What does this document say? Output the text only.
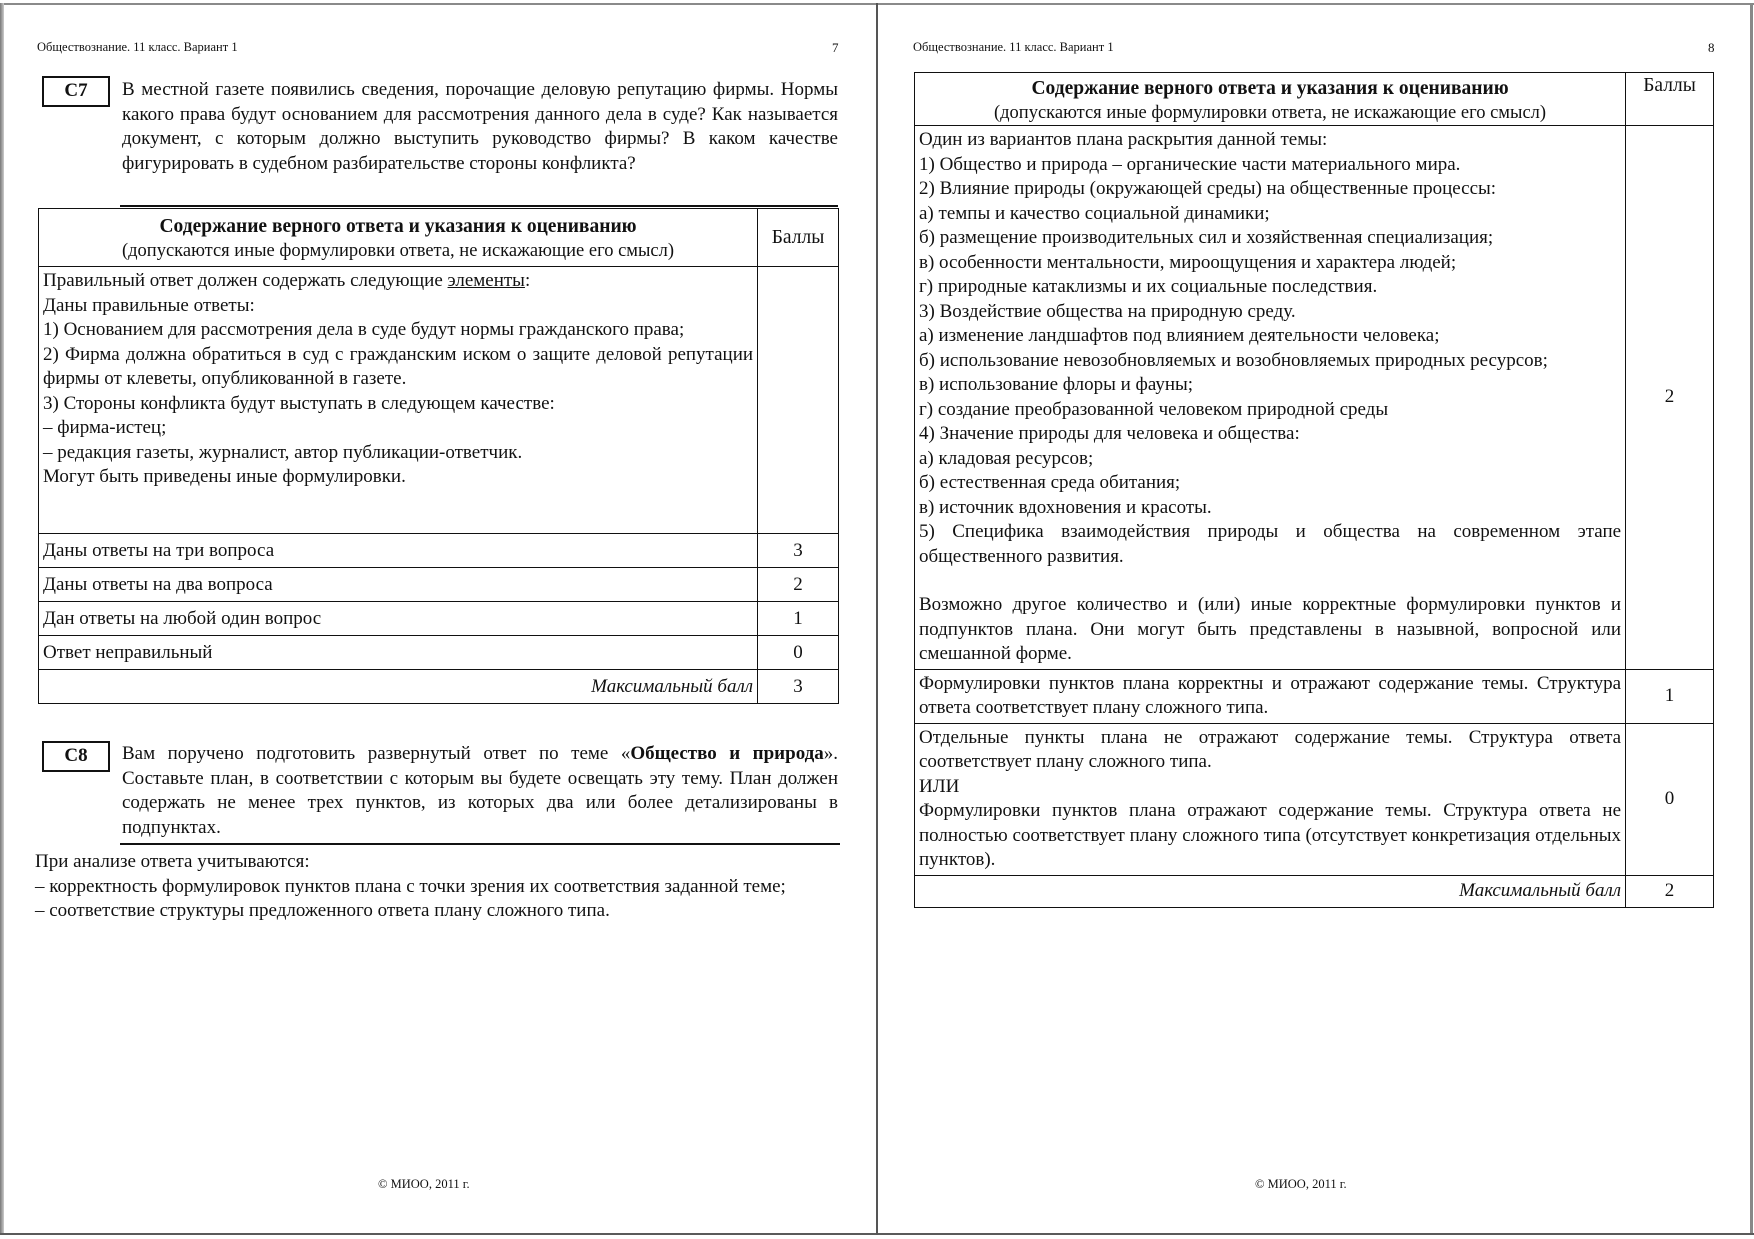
Обществознание. 11 класс. Вариант 1	7
С7	В местной газете появились сведения, порочащие деловую репутацию фирмы. Нормы какого права будут основанием для рассмотрения данного дела в суде? Как называется документ, с которым должно выступить руководство фирмы? В каком качестве фигурировать в судебном разбирательстве стороны конфликта?
Содержание верного ответа и указания к оцениванию
(допускаются иные формулировки ответа, не искажающие его смысл)	Баллы

Правильный ответ должен содержать следующие элементы:
Даны правильные ответы:
1) Основанием для рассмотрения дела в суде будут нормы гражданского права;
2) Фирма должна обратиться в суд с гражданским иском о защите деловой репутации фирмы от клеветы, опубликованной в газете.
3) Стороны конфликта будут выступать в следующем качестве:
– фирма-истец;
– редакция газеты, журналист, автор публикации-ответчик.
Могут быть приведены иные формулировки.

Даны ответы на три вопроса	3
Даны ответы на два вопроса	2
Дан ответы на любой один вопрос	1
Ответ неправильный	0
Максимальный балл	3
С8	Вам поручено подготовить развернутый ответ по теме «Общество и природа». Составьте план, в соответствии с которым вы будете освещать эту тему. План должен содержать не менее трех пунктов, из которых два или более детализированы в подпунктах.
При анализе ответа учитываются:
– корректность формулировок пунктов плана с точки зрения их соответствия заданной теме;
– соответствие структуры предложенного ответа плану сложного типа.
© МИОО, 2011 г.
Обществознание. 11 класс. Вариант 1	8
Содержание верного ответа и указания к оцениванию
(допускаются иные формулировки ответа, не искажающие его смысл)	Баллы

Один из вариантов плана раскрытия данной темы:
1) Общество и природа – органические части материального мира.
2) Влияние природы (окружающей среды) на общественные процессы:
а) темпы и качество социальной динамики;
б) размещение производительных сил и хозяйственная специализация;
в) особенности ментальности, мироощущения и характера людей;
г) природные катаклизмы и их социальные последствия.
3) Воздействие общества на природную среду.
а) изменение ландшафтов под влиянием деятельности человека;
б) использование невозобновляемых и возобновляемых природных ресурсов;
в) использование флоры и фауны;
г) создание преобразованной человеком природной среды
4) Значение природы для человека и общества:
а) кладовая ресурсов;
б) естественная среда обитания;
в) источник вдохновения и красоты.
5) Специфика взаимодействия природы и общества на современном этапе общественного развития.
Возможно другое количество и (или) иные корректные формулировки пунктов и подпунктов плана. Они могут быть представлены в назывной, вопросной или смешанной форме.
	2

Формулировки пунктов плана корректны и отражают содержание темы. Структура ответа соответствует плану сложного типа.	1

Отдельные пункты плана не отражают содержание темы. Структура ответа соответствует плану сложного типа.
ИЛИ
Формулировки пунктов плана отражают содержание темы. Структура ответа не полностью соответствует плану сложного типа (отсутствует конкретизация отдельных пунктов).	0
Максимальный балл	2
© МИОО, 2011 г.
